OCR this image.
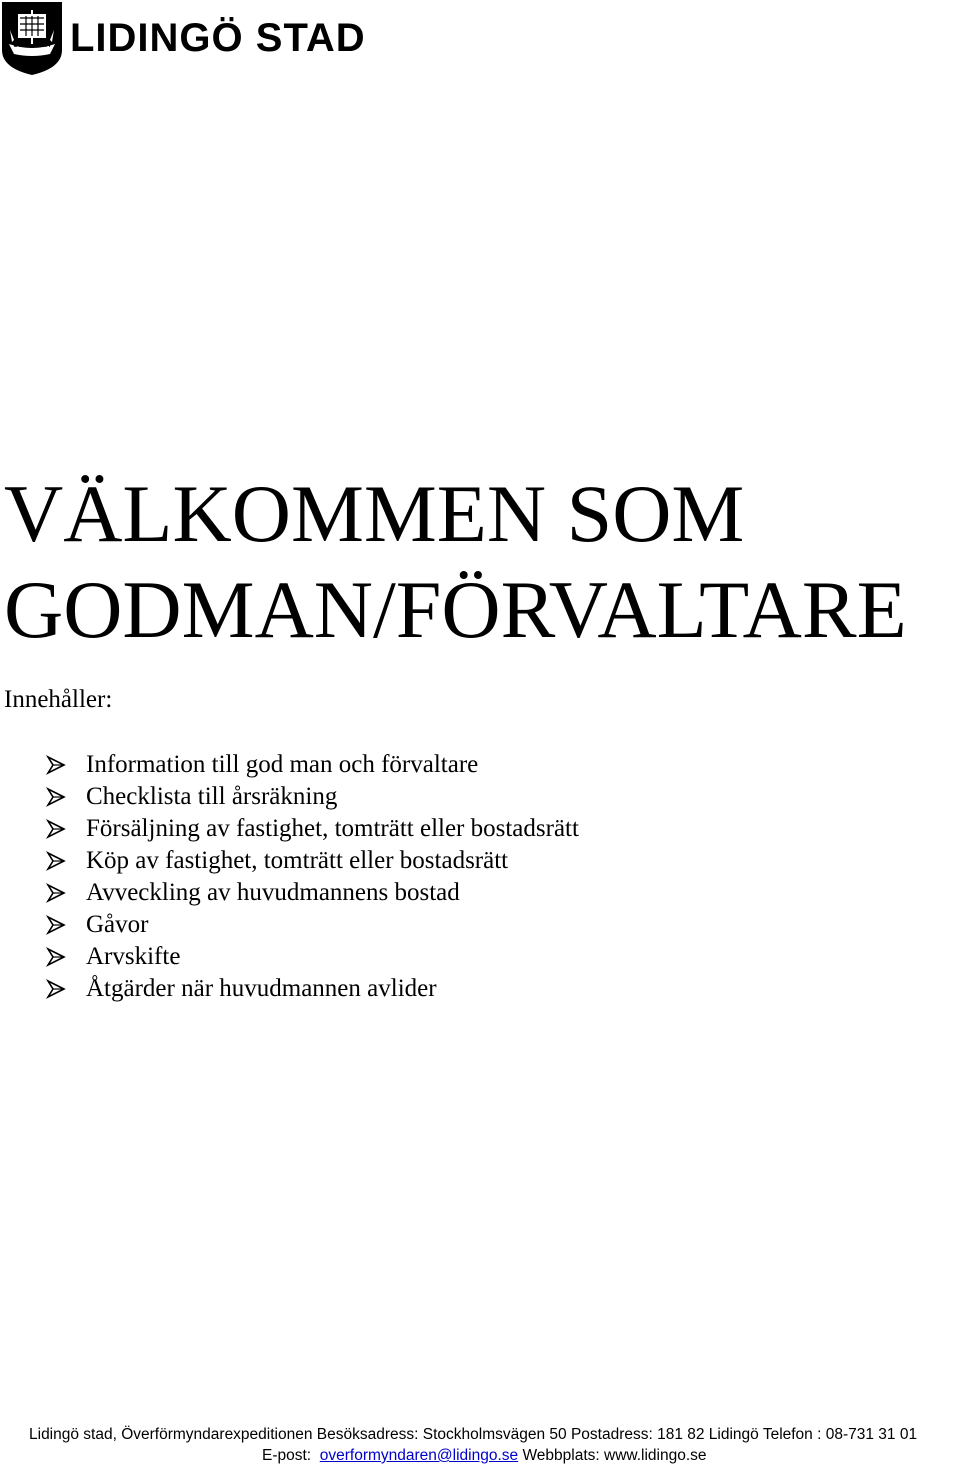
LIDINGÖ STAD
VÄLKOMMEN SOM
GODMAN/FÖRVALTARE
Innehåller:
Information till god man och förvaltare
Checklista till årsräkning
Försäljning av fastighet, tomträtt eller bostadsrätt
Köp av fastighet, tomträtt eller bostadsrätt
Avveckling av huvudmannens bostad
Gåvor
Arvskifte
Åtgärder när huvudmannen avlider
Lidingö stad, Överförmyndarexpeditionen Besöksadress: Stockholmsvägen 50 Postadress: 181 82 Lidingö Telefon : 08-731 31 01
E-post: overformyndaren@lidingo.se Webbplats: www.lidingo.se
